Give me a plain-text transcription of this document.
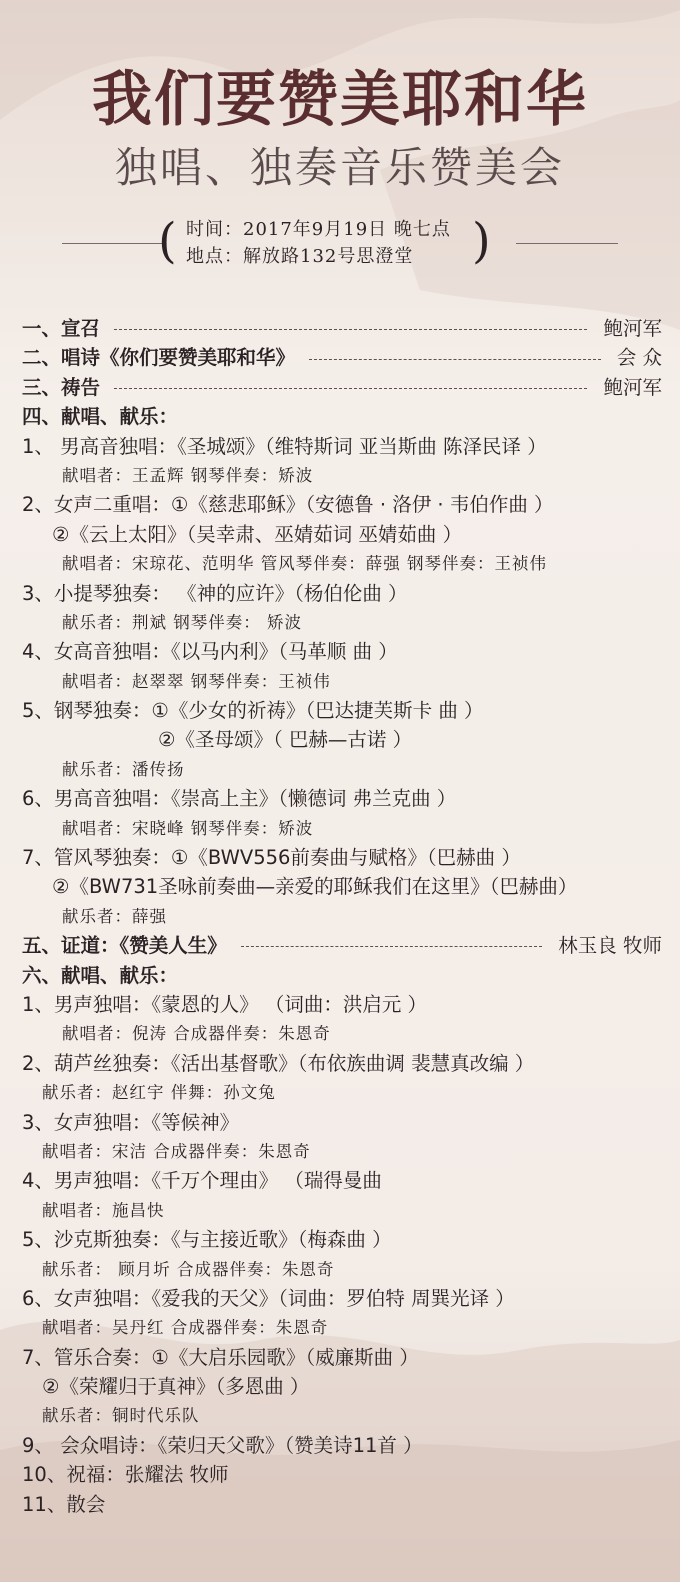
我们要赞美耶和华
独唱、独奏音乐赞美会
(	)
时间：2017年9月19日 晚七点
地点：解放路132号思澄堂
一、宣召	鲍河军
二、唱诗《你们要赞美耶和华》	会 众
三、祷告	鲍河军
四、献唱、献乐：
1、 男高音独唱：《圣城颂》（维特斯词 亚当斯曲 陈泽民译 ）
献唱者：王孟辉 钢琴伴奏：矫波
2、女声二重唱：①《慈悲耶稣》（安德鲁 · 洛伊 · 韦伯作曲 ）
②《云上太阳》（吴幸肃、巫婧茹词 巫婧茹曲 ）
献唱者：宋琼花、范明华 管风琴伴奏：薛强 钢琴伴奏：王祯伟
3、小提琴独奏： 《神的应许》（杨伯伦曲 ）
献乐者：荆斌 钢琴伴奏： 矫波
4、女高音独唱：《以马内利》（马革顺 曲 ）
献唱者：赵翠翠 钢琴伴奏：王祯伟
5、钢琴独奏：①《少女的祈祷》（巴达捷芙斯卡 曲 ）
②《圣母颂》（ 巴赫—古诺 ）
献乐者：潘传扬
6、男高音独唱：《崇高上主》（懒德词 弗兰克曲 ）
献唱者：宋晓峰 钢琴伴奏：矫波
7、管风琴独奏：①《BWV556前奏曲与赋格》（巴赫曲 ）
②《BW731圣咏前奏曲—亲爱的耶稣我们在这里》（巴赫曲）
献乐者：薛强
五、证道：《赞美人生》	林玉良 牧师
六、献唱、献乐：
1、男声独唱：《蒙恩的人》 （词曲：洪启元 ）
献唱者：倪涛 合成器伴奏：朱恩奇
2、葫芦丝独奏：《活出基督歌》（布依族曲调 裴慧真改编 ）
献乐者：赵红宇 伴舞：孙文兔
3、女声独唱：《等候神》
献唱者：宋洁 合成器伴奏：朱恩奇
4、男声独唱：《千万个理由》 （瑞得曼曲
献唱者：施昌快
5、沙克斯独奏：《与主接近歌》（梅森曲 ）
献乐者： 顾月圻 合成器伴奏：朱恩奇
6、女声独唱：《爱我的天父》（词曲：罗伯特 周巽光译 ）
献唱者：吴丹红 合成器伴奏：朱恩奇
7、管乐合奏：①《大启乐园歌》（威廉斯曲 ）
②《荣耀归于真神》（多恩曲 ）
献乐者：铜时代乐队
9、 会众唱诗：《荣归天父歌》（赞美诗11首 ）
10、祝福：张耀法 牧师
11、散会
